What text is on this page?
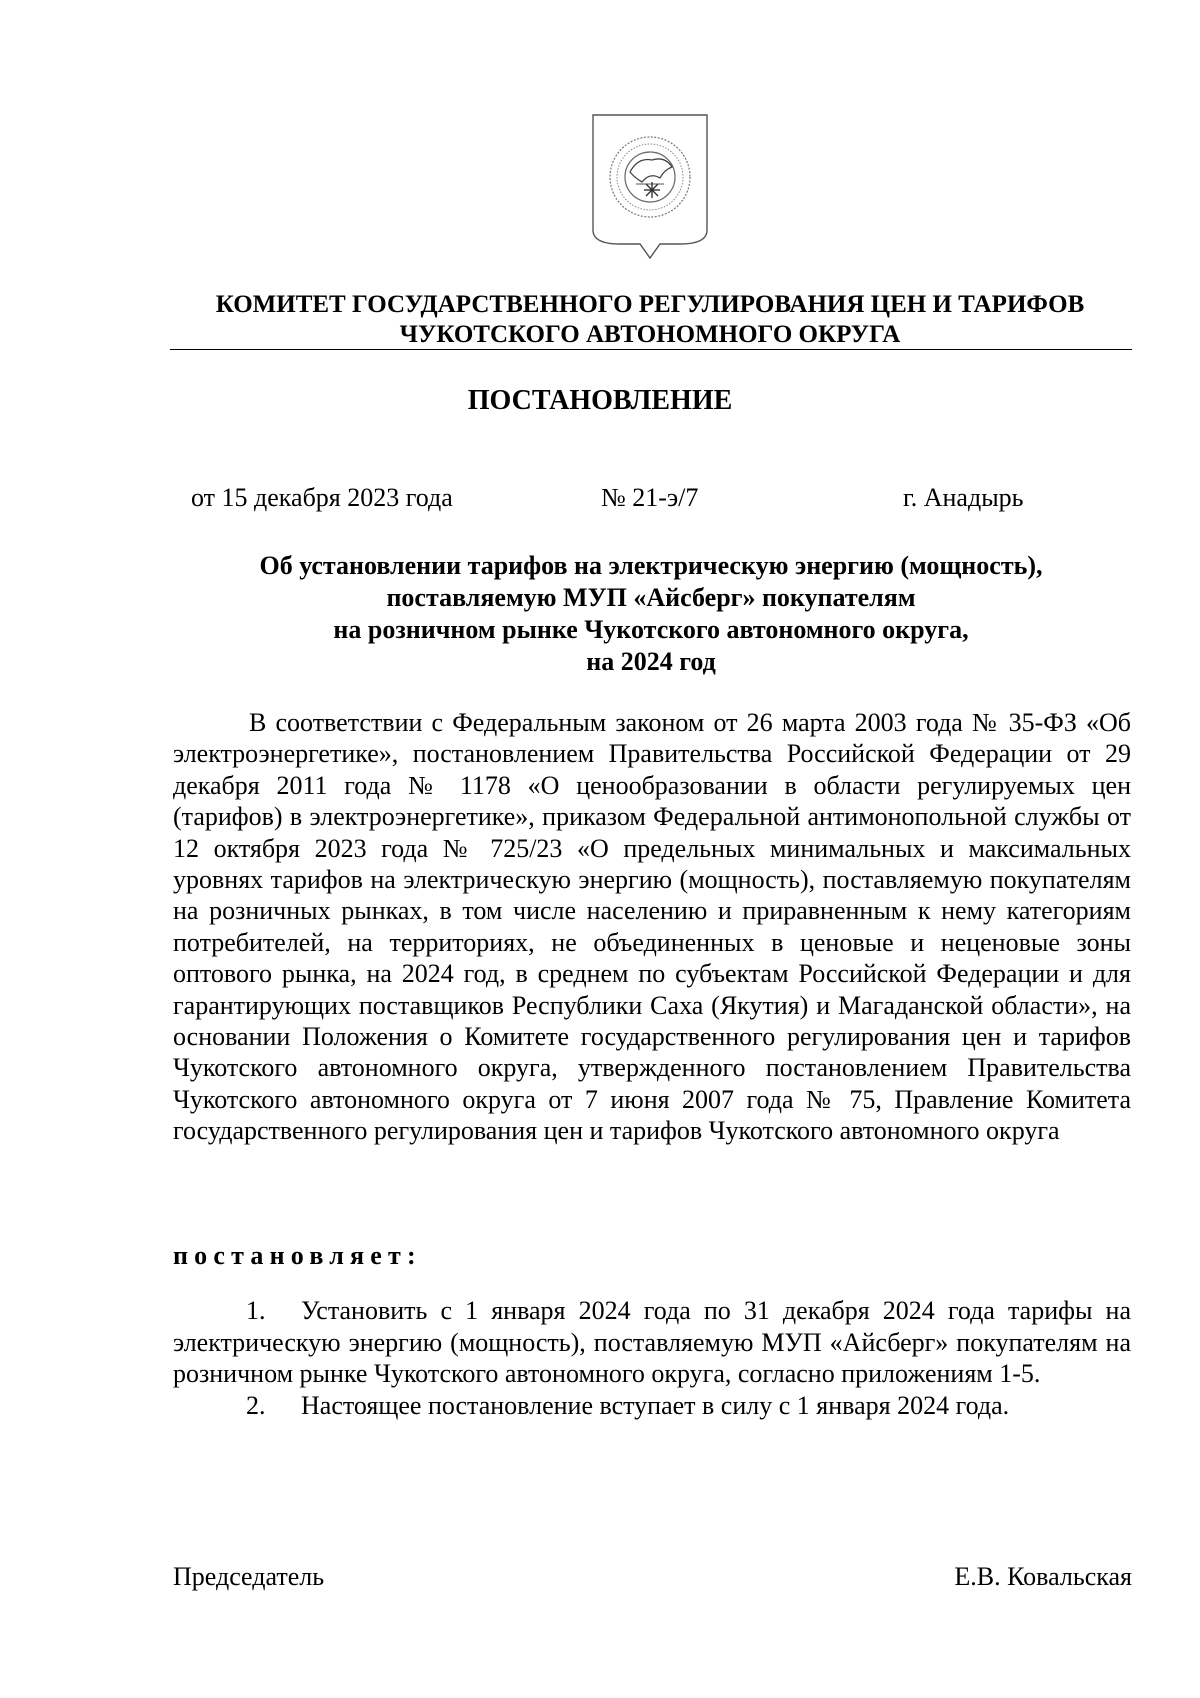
КОМИТЕТ ГОСУДАРСТВЕННОГО РЕГУЛИРОВАНИЯ ЦЕН И ТАРИФОВ
ЧУКОТСКОГО АВТОНОМНОГО ОКРУГА
ПОСТАНОВЛЕНИЕ
от 15 декабря 2023 года	№ 21-э/7	г. Анадырь
Об установлении тарифов на электрическую энергию (мощность),
поставляемую МУП «Айсберг» покупателям
на розничном рынке Чукотского автономного округа,
на 2024 год

В соответствии с Федеральным законом от 26 марта 2003 года № 35-ФЗ «Об электроэнергетике», постановлением Правительства Российской Федерации от 29 декабря 2011 года № 1178 «О ценообразовании в области регулируемых цен (тарифов) в электроэнергетике», приказом Федеральной антимонопольной службы от 12 октября 2023 года № 725/23 «О предельных минимальных и максимальных уровнях тарифов на электрическую энергию (мощность), поставляемую покупателям на розничных рынках, в том числе населению и приравненным к нему категориям потребителей, на территориях, не объединенных в ценовые и неценовые зоны оптового рынка, на 2024 год, в среднем по субъектам Российской Федерации и для гарантирующих поставщиков Республики Саха (Якутия) и Магаданской области», на основании Положения о Комитете государственного регулирования цен и тарифов Чукотского автономного округа, утвержденного постановлением Правительства Чукотского автономного округа от 7 июня 2007 года № 75, Правление Комитета государственного регулирования цен и тарифов Чукотского автономного округа

постановляет:
1. Установить с 1 января 2024 года по 31 декабря 2024 года тарифы на электрическую энергию (мощность), поставляемую МУП «Айсберг» покупателям на розничном рынке Чукотского автономного округа, согласно приложениям 1-5.
2. Настоящее постановление вступает в силу с 1 января 2024 года.
Председатель	Е.В. Ковальская
